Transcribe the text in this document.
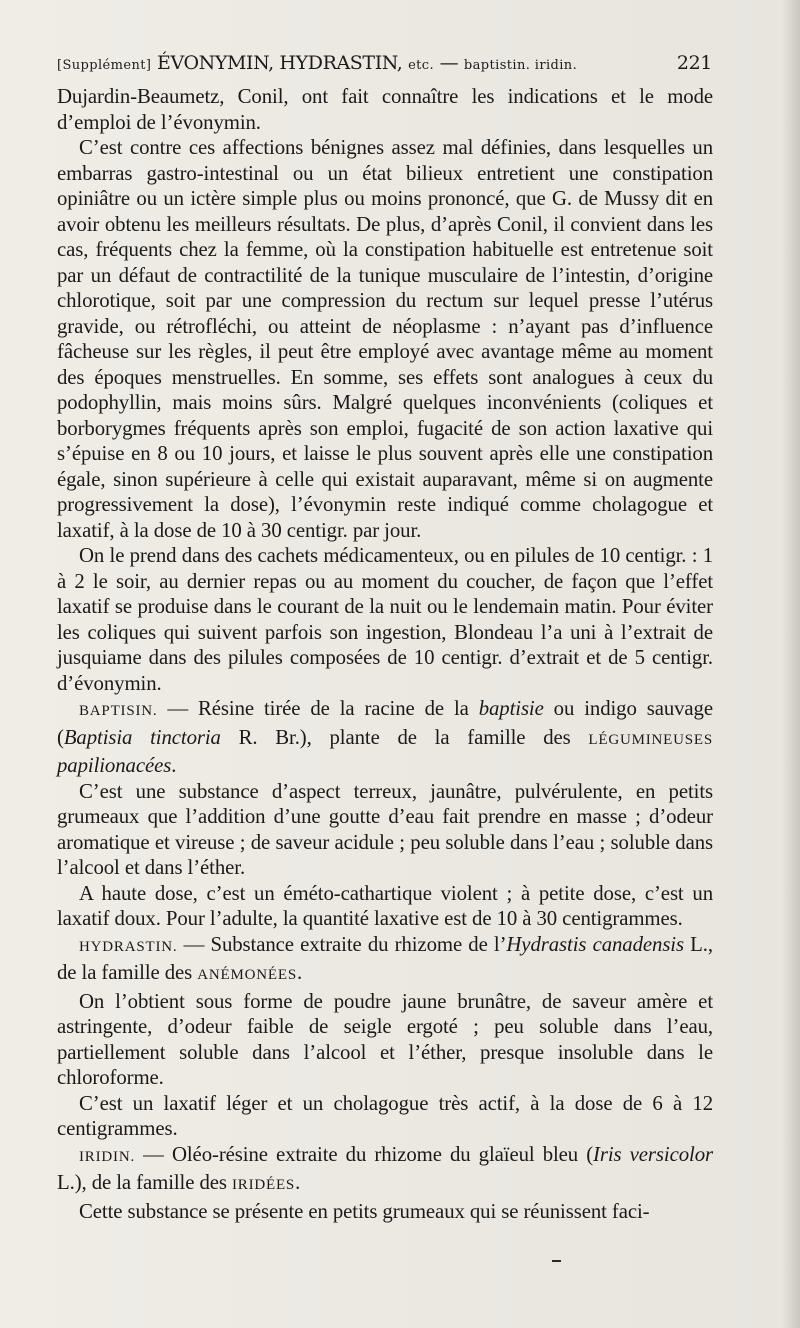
[Supplément] ÉVONYMIN, HYDRASTIN, etc. — baptistin. iridin.	221

Dujardin-Beaumetz, Conil, ont fait connaître les indications et le mode d’emploi de l’évonymin.

C’est contre ces affections bénignes assez mal définies, dans lesquelles un embarras gastro-intestinal ou un état bilieux entretient une constipation opiniâtre ou un ictère simple plus ou moins prononcé, que G. de Mussy dit en avoir obtenu les meilleurs résultats. De plus, d’après Conil, il convient dans les cas, fréquents chez la femme, où la constipation habituelle est entretenue soit par un défaut de contractilité de la tunique musculaire de l’intestin, d’origine chlorotique, soit par une compression du rectum sur lequel presse l’utérus gravide, ou rétrofléchi, ou atteint de néoplasme : n’ayant pas d’influence fâcheuse sur les règles, il peut être employé avec avantage même au moment des époques menstruelles. En somme, ses effets sont analogues à ceux du podophyllin, mais moins sûrs. Malgré quelques inconvénients (coliques et borborygmes fréquents après son emploi, fugacité de son action laxative qui s’épuise en 8 ou 10 jours, et laisse le plus souvent après elle une constipation égale, sinon supérieure à celle qui existait auparavant, même si on augmente progressivement la dose), l’évonymin reste indiqué comme cholagogue et laxatif, à la dose de 10 à 30 centigr. par jour.

On le prend dans des cachets médicamenteux, ou en pilules de 10 centigr. : 1 à 2 le soir, au dernier repas ou au moment du coucher, de façon que l’effet laxatif se produise dans le courant de la nuit ou le lendemain matin. Pour éviter les coliques qui suivent parfois son ingestion, Blondeau l’a uni à l’extrait de jusquiame dans des pilules composées de 10 centigr. d’extrait et de 5 centigr. d’évonymin.

BAPTISIN. — Résine tirée de la racine de la baptisie ou indigo sauvage (Baptisia tinctoria R. Br.), plante de la famille des LÉGUMINEUSES papilionacées.

C’est une substance d’aspect terreux, jaunâtre, pulvérulente, en petits grumeaux que l’addition d’une goutte d’eau fait prendre en masse ; d’odeur aromatique et vireuse ; de saveur acidule ; peu soluble dans l’eau ; soluble dans l’alcool et dans l’éther.

A haute dose, c’est un éméto-cathartique violent ; à petite dose, c’est un laxatif doux. Pour l’adulte, la quantité laxative est de 10 à 30 centigrammes.

HYDRASTIN. — Substance extraite du rhizome de l’Hydrastis canadensis L., de la famille des ANÉMONÉES.

On l’obtient sous forme de poudre jaune brunâtre, de saveur amère et astringente, d’odeur faible de seigle ergoté ; peu soluble dans l’eau, partiellement soluble dans l’alcool et l’éther, presque insoluble dans le chloroforme.

C’est un laxatif léger et un cholagogue très actif, à la dose de 6 à 12 centigrammes.

IRIDIN. — Oléo-résine extraite du rhizome du glaïeul bleu (Iris versicolor L.), de la famille des IRIDÉES.

Cette substance se présente en petits grumeaux qui se réunissent faci-
